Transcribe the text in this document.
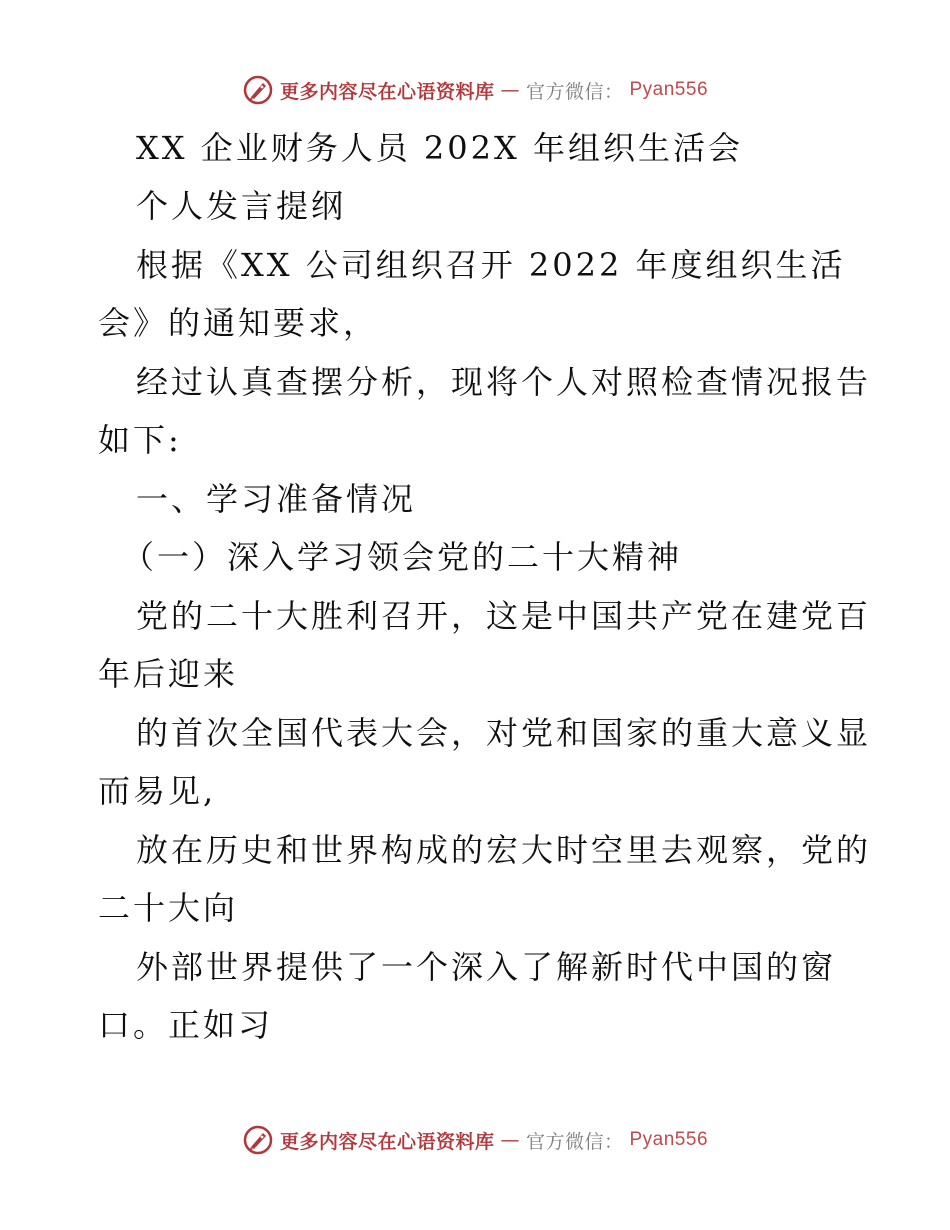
更多内容尽在心语资料库 — 官方微信： Pyan556
XX 企业财务人员 202X 年组织生活会
个人发言提纲
根据《XX 公司组织召开 2022 年度组织生活
会》的通知要求，
经过认真查摆分析，现将个人对照检查情况报告
如下:
一、学习准备情况
（一）深入学习领会党的二十大精神
党的二十大胜利召开，这是中国共产党在建党百
年后迎来
的首次全国代表大会，对党和国家的重大意义显
而易见,
放在历史和世界构成的宏大时空里去观察，党的
二十大向
外部世界提供了一个深入了解新时代中国的窗
口。正如习
更多内容尽在心语资料库 — 官方微信： Pyan556
